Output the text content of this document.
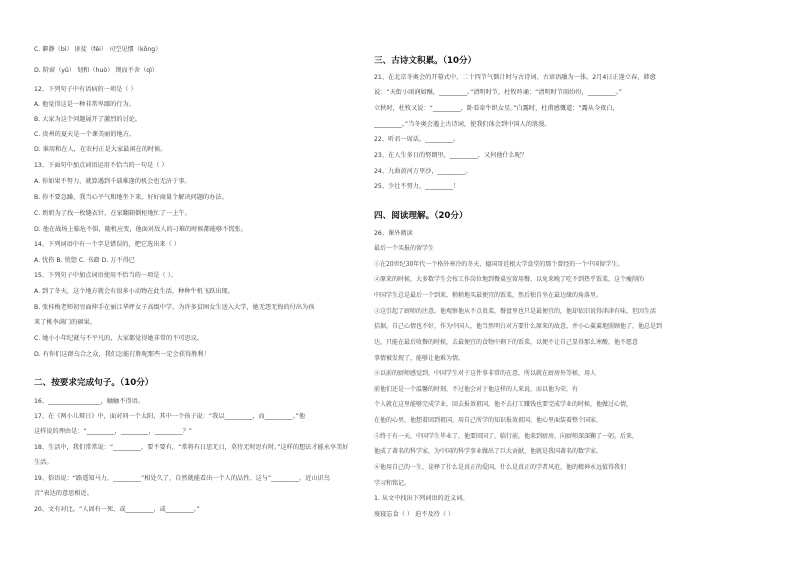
C. 僻静（bì） 匪徒（fěi） 司空见惯（kōng）
D. 阶窗（yǔ） 划和（huò） 锲而不舍（qì）
12、下列句子中有语病的一项是（ ）
A. 他觉得这是一种非常卑鄙的行为。
B. 大家为这个问题展开了激烈的讨论。
C. 贵州的夏天是一个课美丽的地方。
D. 谁用和在人，在农村正是大家最闲在的时候。
13、下面句中加点词语运用不恰当的一句是（ ）
A. 你如果不努力，就算遇到千载难逢的机会也无济于事。
B. 你不要急躁，我当心平气和地坐下来，好好商量个解决问题的办法。
C. 奶奶为了找一枚缝衣针，在家翻箱倒柜地忙了一上午。
D. 他在战场上临危不惧，随机应变，他面对敌人的刁难的时候都能够不慌张。
14、下列词语中有一个字是错误的，把它选出来（ ）
A. 忧伤 B. 恍惚 C. 书籍 D. 万不得已
15、下列句子中加点词语使用不恰当的一项是（ ）。
A. 到了冬天，这个地方就会有很多小动物在此生活，种种牛机飞跃出现。
B. 张桂梅老师初穷面伸手在丽江华坪女子高级中学，为许多贫困女生送入大学，她无怨无悔的付出为孩
来了桃李满门的硕果。
C. 她小小年纪就与不平凡的，大家都觉得她非常的不可思议。
D. 有你们这群乌合之众，我们怎能打胜呢那些一定会获得胜利！
二、按要求完成句子。（10分）
16、_________________，触触不得语。
17、在《两小儿辩日》中，面对同一个太阳，其中一个孩子说：“我以_________，而_________。”他
这样说的理由是：“_________，_________，_________？”
18、生活中，我们常常说：“_________，要不要有，“常将有日思无日，莫待无时思有时。”这样的想法才能永享美好
生活。
19、俗语说：“路遥知马力，_________”相处久了，自然就能看出一个人的品性。这与“_________，近山识鸟
音”表达的意思相近。
20、文有对比。“人固有一死，或_________，或_________。”
三、古诗文积累。（10分）
21、在北京冬奥会的开幕式中，二十四节气倒计时与古诗词、古谚语融为一体。2月4日正逢立春，韩愈
说：“天街小雨润如酥，_________。”清明时节，杜牧吟诵：“清明时节雨纷纷，_________。”
立秋时，杜牧又说：“_________，卧看牵牛织女星。”白露时，杜甫感慨道：“露从今夜白，
_________。”当冬奥会遇上古诗词，使我们体会到中国人的浪漫。
22、听君一席话，_________。
23、在人生多日的努朗里，_________，又何他什么呢？
24、九曲黄河万里沙，_________。
25、少壮不努力，_________！
四、阅读理解。（20分）
26、课外阅读
最后一个买报的留学生
①在20世纪30年代一个格外寒冷的冬天，德国哥廷根大学食堂的那个曾经的一个中国留学生。
②原来的时候，大多数学生会按工作岗位地到餐桌室留用餐，以免来晚了吃不到热乎饭菜，这个瘦削的
中国学生总是最后一个到来，稍稍地买最便宜的饭菜，然后独自坐在最边缘的角落里。
③这引起了厨师的注意。他观察他从不点贵菜，餐盘里也只是最便宜的，他却依旧说得津津有味，但因生活
拮据，自己心情也不好，作为中国人，他当然明白对方要什么原来的故意，并小心翼翼地照顾他了，他总是到
达，只能在最后收餐的时候，去最便宜的食物中剩下的饭菜，以便不让自己显得那么寒酸，他不愿意
事情被发现了，能够让他难为情。
④以前的厨师感觉到，中国学生对于这件事非常的在意，所以就在厨房外等候，用人
前他们还是一个温馨的时刻，不过他会对于他这样的人来说，而以他为荣，有
个人就在这里能够完成学业，回去报效祖国，他不去打工赚钱也要完成学业的时候，他做过心情，
在他的心里，他想着回到祖国，用自己所学的知识报效祖国，他心里面装着整个国家。
⑤终于有一天，中国学生毕业了，他要回国了，临行前，他来到厨房，向厨师深深鞠了一躬。后来，
他成了著名的科学家，为中国的科学事业做出了巨大贡献，他就是我国著名的数学家。
⑥他用自己的一生，诠释了什么是真正的爱国，什么是真正的学者风范，他的精神永远值得我们
学习和铭记。
1. 从文中找出下列词语的近义词。
废寝忘食（ ） 迫不及待（ ）
